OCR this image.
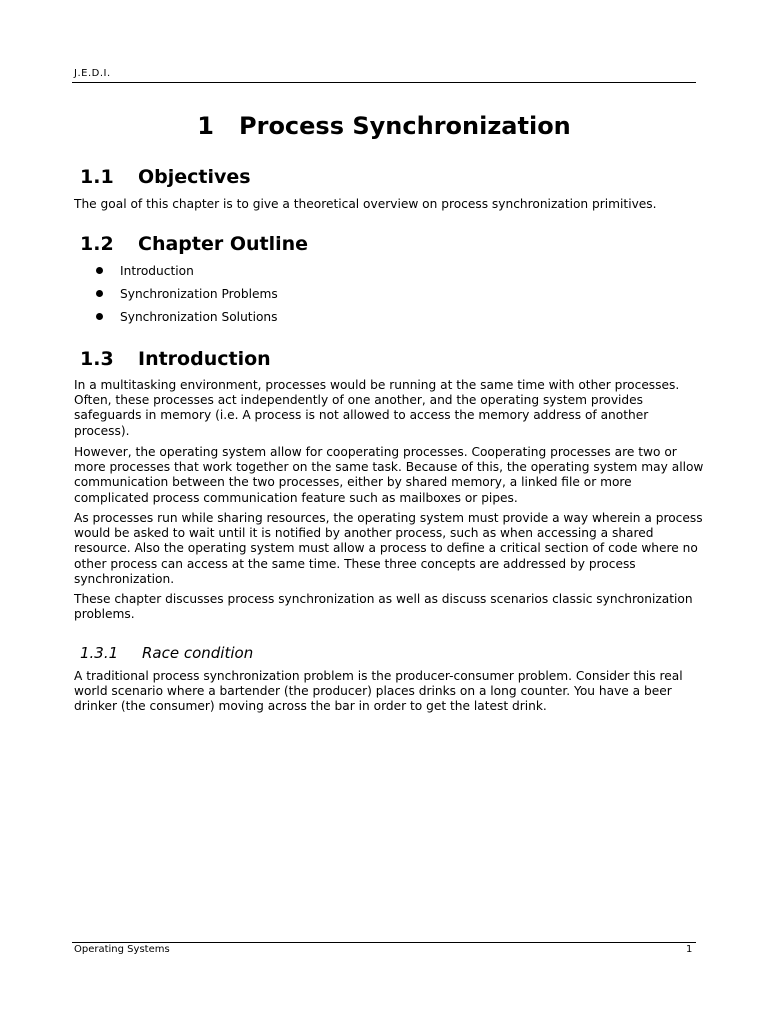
J.E.D.I.
1 Process Synchronization
1.1 Objectives

The goal of this chapter is to give a theoretical overview on process synchronization primitives.

1.2 Chapter Outline
Introduction
Synchronization Problems
Synchronization Solutions
1.3 Introduction

In a multitasking environment, processes would be running at the same time with other processes. Often, these processes act independently of one another, and the operating system provides safeguards in memory (i.e. A process is not allowed to access the memory address of another process).

However, the operating system allow for cooperating processes. Cooperating processes are two or more processes that work together on the same task. Because of this, the operating system may allow communication between the two processes, either by shared memory, a linked file or more complicated process communication feature such as mailboxes or pipes.

As processes run while sharing resources, the operating system must provide a way wherein a process would be asked to wait until it is notified by another process, such as when accessing a shared resource. Also the operating system must allow a process to define a critical section of code where no other process can access at the same time. These three concepts are addressed by process synchronization.

These chapter discusses process synchronization as well as discuss scenarios classic synchronization problems.

1.3.1 Race condition

A traditional process synchronization problem is the producer-consumer problem. Consider this real world scenario where a bartender (the producer) places drinks on a long counter. You have a beer drinker (the consumer) moving across the bar in order to get the latest drink.

Operating Systems	1
